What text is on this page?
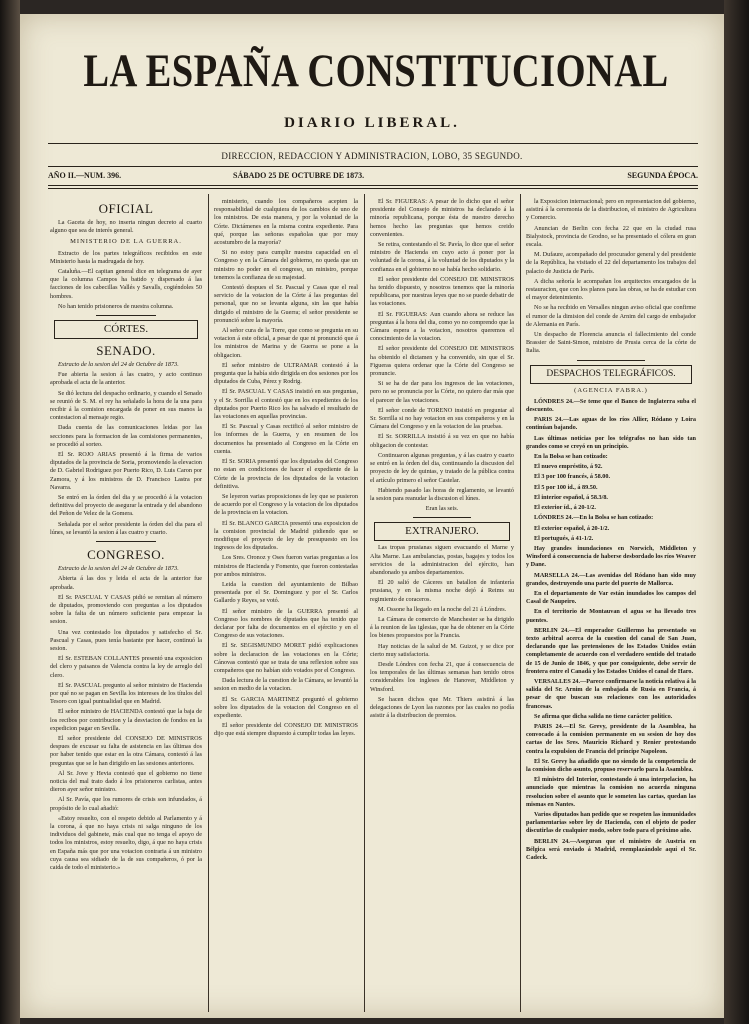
LA ESPAÑA CONSTITUCIONAL
DIARIO LIBERAL.
DIRECCION, REDACCION Y ADMINISTRACION, LOBO, 35 SEGUNDO.
AÑO II.—NUM. 396.	SÁBADO 25 DE OCTUBRE DE 1873.	SEGUNDA ÉPOCA.
OFICIAL

La Gaceta de hoy, no inserta ningun decreto al cuarto alguno que sea de interés general.

MINISTERIO DE LA GUERRA.

Extracto de los partes telegráficos recibidos en este Ministerio hasta la madrugada de hoy.

Cataluña.—El capitan general dice en telegrama de ayer que la columna Campos ha batido y dispersado á las facciones de los cabecillas Vallés y Savalls, cogiéndoles 50 hombres.

No han tenido prisioneros de nuestra columna.

CÓRTES.
SENADO.

Extracto de la sesion del 24 de Octubre de 1873.

Fue abierta la sesion á las cuatro, y acto continuo aprobada el acta de la anterior.

Se dió lectura del despacho ordinario, y cuando el Senado se reunió de S. M. el rey ha señalado la hora de la una para recibir á la comision encargada de poner en sus manos la contestacion al mensaje regio.

Dada cuenta de las comunicaciones leidas por las secciones para la formacion de las comisiones permanentes, se procedió al sorteo.

El Sr. ROJO ARIAS presentó á la firma de varios diputados de la provincia de Soria, promoviendo la elevacion de D. Gabriel Rodriguez por Puerto Rico, D. Luis Caron por Zamora, y á los ministros de D. Francisco Lastra por Navarra.

Se entró en la órden del dia y se procedió á la votacion definitiva del proyecto de asegurar la entrada y del abandono del Peñon de Velez de la Gomera.

Señalada por el señor presidente la órden del dia para el lúnes, se levantó la sesion á las cuatro y cuarto.

CONGRESO.

Extracto de la sesion del 24 de Octubre de 1873.

Abierta á las dos y leida el acta de la anterior fue aprobada.

El Sr. PASCUAL Y CASAS pidió se remitan al número de diputados, promoviendo con preguntas a los diputados sobre la falta de un número suficiente para empezar la sesion.

Una vez contestado los diputados y satisfecho el Sr. Pascual y Casas, pues tenía bastante por hacer, continuó la sesion.

El Sr. ESTEBAN COLLANTES presentó una exposicion del clero y paisanos de Valencia contra la ley de arreglo del clero.

El Sr. PASCUAL pregunto al señor ministro de Hacienda por qué no se pagan en Sevilla los intereses de los títulos del Tesoro con igual puntualidad que en Madrid.

El señor ministro de HACIENDA contestó que la baja de los recibos por contribucion y la desviacion de fondos en la expedicion pagar en Sevilla.

El señor presidente del CONSEJO DE MINISTROS despues de excusar su falta de asistencia en las últimas dos por haber tenido que estar en la otra Cámara, contestó á las preguntas que se le han dirigido en las sesiones anteriores.

Al Sr. Jove y Hevia contestó que el gobierno no tiene noticia del mal trato dado á los prisioneros carlistas, antes dieron ayer señor ministro.

Al Sr. Pavía, que los rumores de crisis son infundados, á propósito de lo cual añadió:

«Estoy resuelto, con el respeto debido al Parlamento y á la corona, á que no haya crisis ni salga ninguno de los individuos del gabinete, más cual que no tenga el apoyo de todos los ministros, estoy resuelto, digo, á que no haya crisis en España más que por una votacion contraria á un ministro cuya causa sea sidiado de la de sus compañeros, ó por la caida de todo el ministerio.»

ministerio, cuando los compañeros acepten la responsabilidad de cualquiera de los cambios de uno de los ministros. De esta manera, y por la voluntad de la Córte. Dictámenes en la misma contra expediente. Para qué, porque las señoras españolas que por muy acostumbro de la mayoría?

Si no estoy para cumplir nuestra capacidad en el Congreso y en la Cámara del gobierno, no queda que un ministro no poder en el congreso, un ministro, porque tenemos la confianza de su majestad.

Contestó despues el Sr. Pascual y Casas que el real servicio de la votacion de la Córte á las preguntas del personal, que no se levanta alguna, sin las que había dirigido el ministro de la Guerra; el señor presidente se pronunció sobre la mayoría.

Al señor cura de la Torre, que como se pregunta en su votacion á este oficial, a pesar de que ni pronunció que á los ministros de Marina y de Guerra se pone a la obligacion.

El señor ministro de ULTRAMAR contestó á la pregunta que la había sido dirigida en dos sesiones por los diputados de Cuba, Pérez y Rodrig.

El Sr. PASCUAL Y CASAS insistió en sus preguntas, y el Sr. Sorrilla el contestó que en los expedientes de los diputados por Puerto Rico los ha salvado el resultado de las votaciones en aquellas provincias.

El Sr. Pascual y Casas rectificó al señor ministro de los informes de la Guerra, y en resumen de los documentos ha presentado al Congreso en la Córte en cuenta.

El Sr. SORIA presentó que los diputados del Congreso no estan en condiciones de hacer el expediente de la Córte de la provincia de los diputados de la votacion definitiva.

Se leyeron varias proposiciones de ley que se pusieron de acuerdo por el Congreso y la votacion de los diputados de la provincia en la votacion.

El Sr. BLANCO GARCIA presentó una exposicion de la comision provincial de Madrid pidiendo que se modifique el proyecto de ley de presupuesto en los ingresos de los diputados.

Los Sres. Oronoz y Oses fueron varias preguntas a los ministros de Hacienda y Fomento, que fueron contestadas por ambos ministros.

Leida la cuestion del ayuntamiento de Bilbao presentada por el Sr. Dominguez y por el Sr. Carlos Gallardo y Reyes, se votó.

El señor ministro de la GUERRA presentó al Congreso los nombres de diputados que ha tenido que declarar por falta de documentos en el ejército y en el Congreso de sus votaciones.

El Sr. SEGISMUNDO MORET pidió explicaciones sobre la declaracion de las votaciones en la Córte; Cánovas contestó que se trata de una reflexion sobre sus compañeros que no habían sido votados por el Congreso.

Dada lectura de la cuestion de la Cámara, se levantó la sesion en medio de la votacion.

El Sr. GARCIA MARTINEZ preguntó el gobierno sobre los diputados de la votacion del Congreso en el expediente.

El señor presidente del CONSEJO DE MINISTROS dijo que está siempre dispuesto á cumplir todas las leyes.

El Sr. FIGUERAS: A pesar de lo dicho que el señor presidente del Consejo de ministros ha declarado á la minoría republicana, porque ésta de nuestro derecho hemos hecho las preguntas que hemos creido convenientes.

Se retira, contestando el Sr. Pavía, lo dice que el señor ministro de Hacienda en cuyo acto á poner por la voluntad de la corona, á la voluntad de los diputados y la confianza en el gobierno no se había hecho solidario.

El señor presidente del CONSEJO DE MINISTROS ha tenido dispuesto, y nosotros tenemos que la minoría republicana, por nuestras leyes que no se puede debatir de las votaciones.

El Sr. FIGUERAS: Aun cuando ahora se reduce las preguntas á la hora del dia, como yo no comprendo que la Cámara espera a la votacion, nosotros queremos el conocimiento de la votacion.

El señor presidente del CONSEJO DE MINISTROS ha obtenido el dictamen y ha convenido, sin que el Sr. Figueras quiera ordenar que la Córte del Congreso se pronuncie.

Si se ha de dar para los ingresos de las votaciones, pero no se pronuncia por la Córte, no quiero dar más que el parecer de las votaciones.

El señor conde de TORENO insistió en preguntar al Sr. Sorrilla si no hay votacion en sus compañeros y en la Cámara del Congreso y en la votacion de las pruebas.

El Sr. SORRILLA insistió á su vez en que no había obligacion de contestar.

Continuaron algunas preguntas, y á las cuatro y cuarto se entró en la órden del dia, continuando la discusion del proyecto de ley de quintas, y tratado de la pública contra el artículo primero el señor Castelar.

Habiendo pasado las horas de reglamento, se levantó la sesion para reanudar la discusion el lúnes.

Eran las seis.

EXTRANJERO.

Las tropas prusianas siguen evacuando el Marne y Alta Marne. Las ambulancias, postas, bagajes y todos los servicios de la administracion del ejército, han abandonado ya ambos departamentos.

El 20 salió de Cáceres un batallon de infantería prusiana, y en la misma noche dejó á Reims su regimiento de coraceros.

M. Ossone ha llegado en la noche del 21 á Lóndres.

La Cámara de comercio de Manchester se ha dirigido á la reunion de las iglesias, que ha de obtener en la Córte los bienes propuestos por la Francia.

Hay noticias de la salud de M. Guizot, y se dice por cierto muy satisfactoria.

Desde Lóndres con fecha 21, que á consecuencia de los temporales de las últimas semanas han tenido otros considerables los ingleses de Hanover, Middleton y Winsford.

Se hacen dichos que Mr. Thiers asistirá á las delegaciones de Lyon las razones por las cuales no podía asistir á la distribucion de premios.

la Exposicion internacional; pero en representacion del gobierno, asistirá á la ceremonia de la distribucion, el ministro de Agricultura y Comercio.

Anuncian de Berlin con fecha 22 que en la ciudad rusa Bialystock, provincia de Grodno, se ha presentado el cólera en gran escala.

M. Dufaure, acompañado del procurador general y del presidente de la República, ha visitado el 22 del departamento los trabajos del palacio de Justicia de París.

A dicha señoría le acompañan los arquitectos encargados de la restauracion, que con los planos para las obras, se ha de estudiar con el mayor detenimiento.

No se ha recibido en Versalles ningun aviso oficial que confirme el rumor de la dimision del conde de Arnim del cargo de embajador de Alemania en París.

Un despacho de Florencia anuncia el fallecimiento del conde Brassier de Saint-Simon, ministro de Prusia cerca de la córte de Italia.

DESPACHOS TELEGRÁFICOS.
(AGENCIA FABRA.)

LÓNDRES 24.—Se teme que el Banco de Inglaterra suba el descuento.

PARIS 24.—Las aguas de los ríos Allier, Ródano y Loira continúan bajando.

Las últimas noticias por los telégrafos no han sido tan grandes como se creyó en un principio.

En la Bolsa se han cotizado:

El nuevo empréstito, á 92.

El 3 por 100 francés, á 58.00.

El 5 por 100 id., á 89.50.

El interior español, á 58.3/8.

El exterior íd., á 20-1/2.

LÓNDRES 24.—En la Bolsa se han cotizado:

El exterior español, á 20-1/2.

El portugués, á 41-1/2.

Hay grandes inundaciones en Norwich, Middleton y Winsford á consecuencia de haberse desbordado los ríos Weaver y Dane.

MARSELLA 24.—Las avenidas del Ródano han sido muy grandes, destruyendo una parte del puerto de Mallorca.

En el departamento de Var están inundados los campos del Casal de Naupeiro.

En el territorio de Montauvan el agua se ha llevado tres puentes.

BERLIN 24.—El emperador Guillermo ha presentado su texto arbitral acerca de la cuestion del canal de San Juan, declarando que las pretensiones de los Estados Unidos están completamente de acuerdo con el verdadero sentido del tratado de 15 de Junio de 1846, y que por consiguiente, debe servir de frontera entre el Canadá y los Estados Unidos el canal de Haro.

VERSALLES 24.—Parece confirmarse la noticia relativa á la salida del Sr. Arnim de la embajada de Rusia en Francia, á pesar de que buscan sus relaciones con los autoridades francesas.

Se afirma que dicha salida no tiene carácter político.

PARIS 24.—El Sr. Grevy, presidente de la Asamblea, ha convocado á la comision permanente en su sesion de hoy dos cartas de los Sres. Mauricio Richard y Renier protestando contra la expulsion de Francia del príncipe Napoleon.

El Sr. Grevy ha añadido que no siendo de la competencia de la comision dicho asunto, propuso reservarlo para la Asamblea.

El ministro del Interior, contestando á una interpelacion, ha anunciado que mientras la comision no acuerda ninguna resolucion sobre el asunto que le someten las cartas, quedan las mismas en Nantes.

Varios diputados han pedido que se respeten las inmunidades parlamentarias sobre ley de Hacienda, con el objeto de poder discutirlas de cualquier modo, sobre todo para el próximo año.

BERLIN 24.—Aseguran que el ministro de Austria en Bélgica será enviado á Madrid, reemplazándole aquí el Sr. Cadeck.
